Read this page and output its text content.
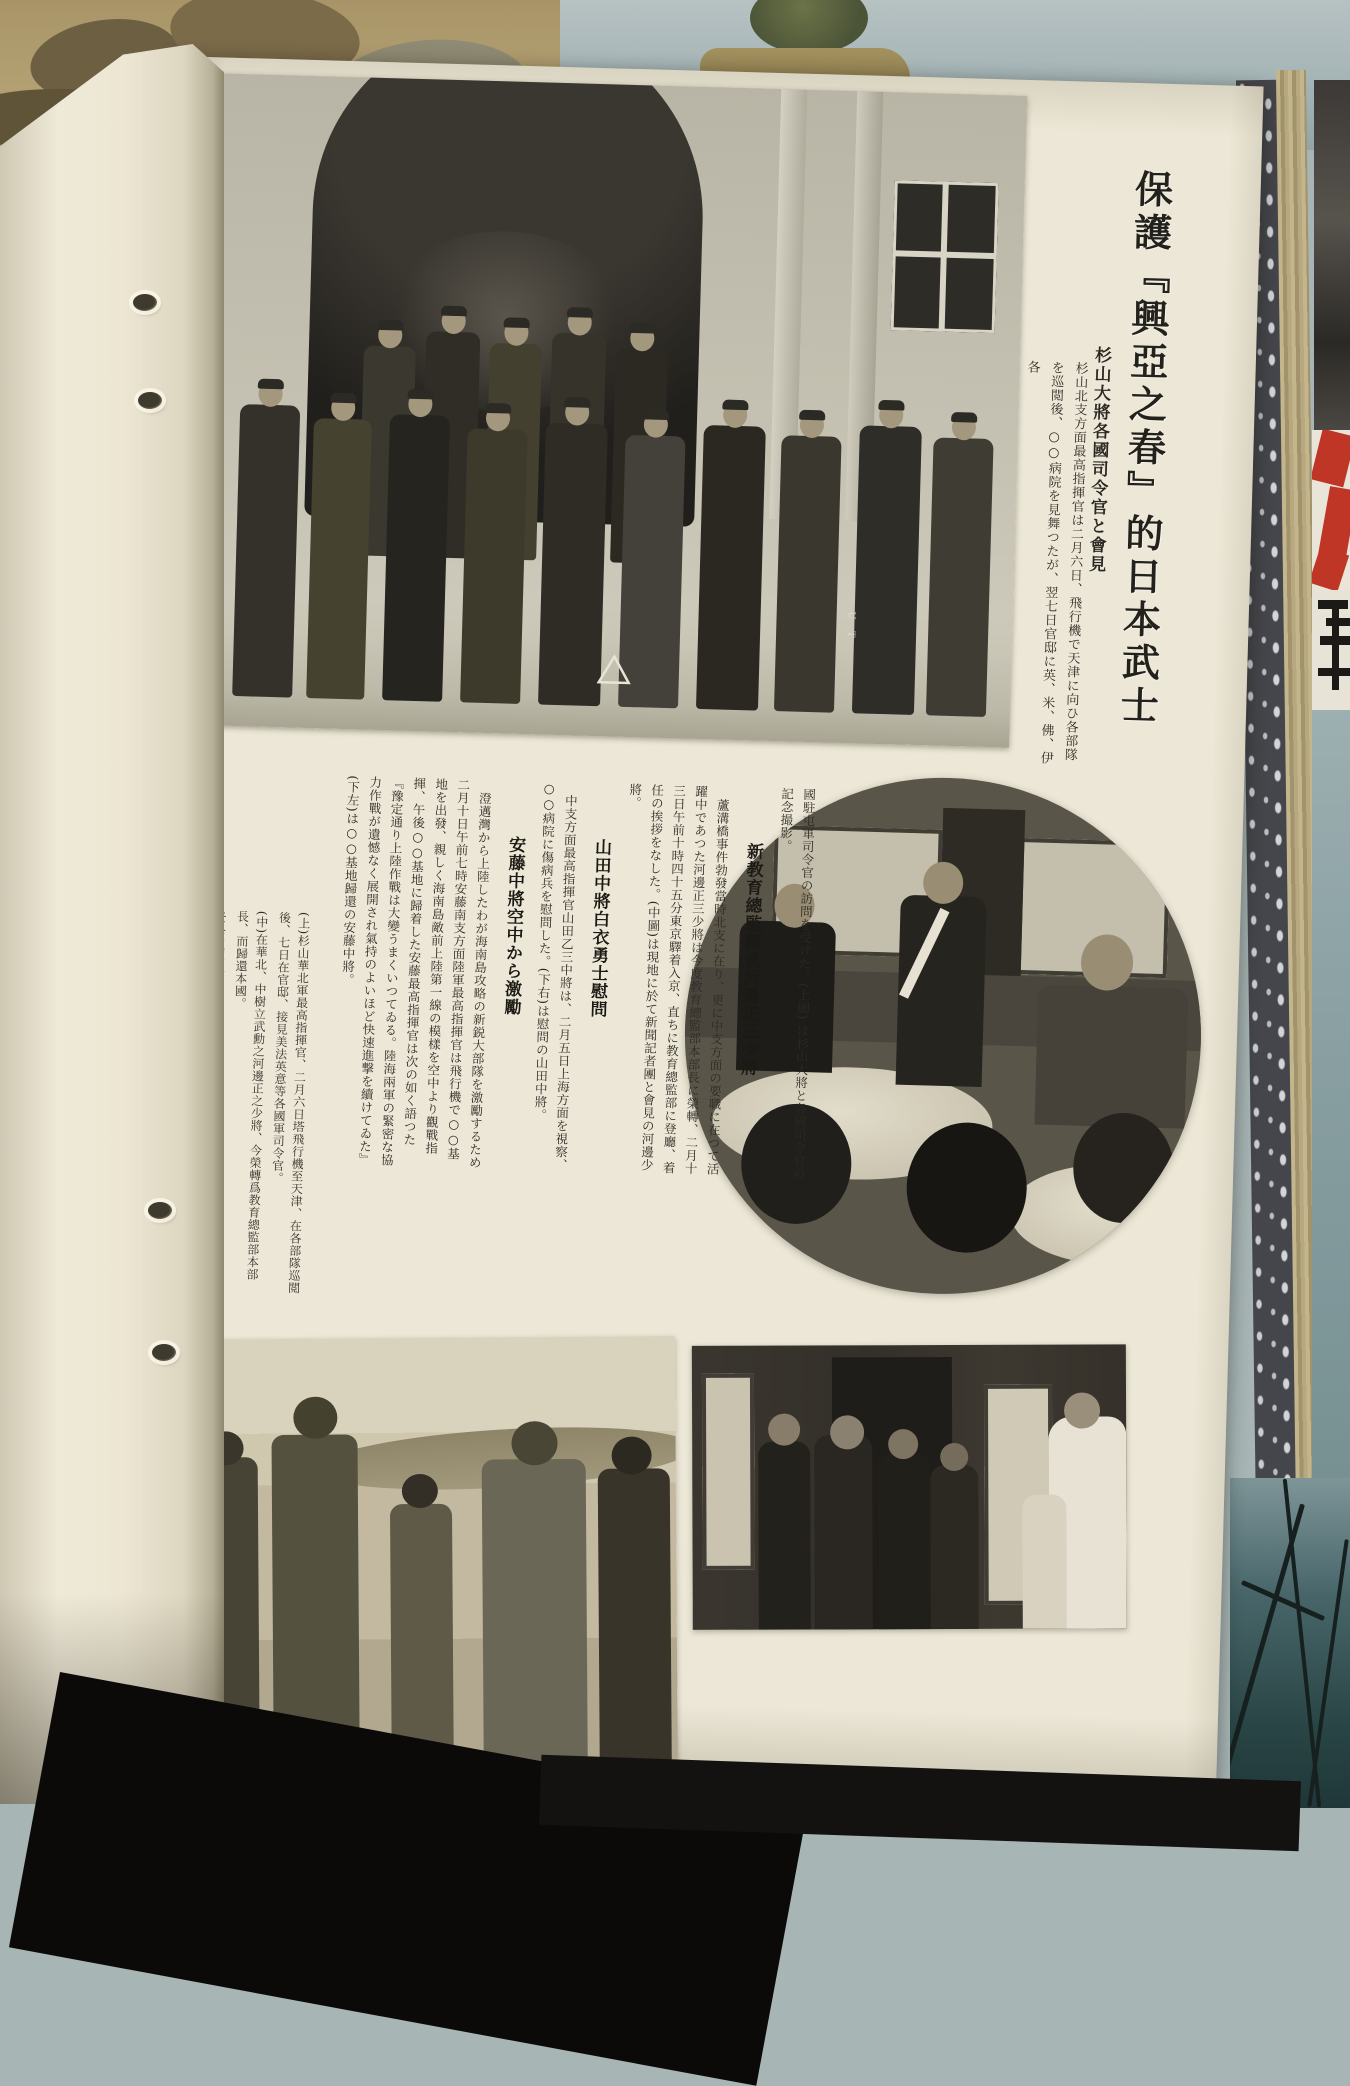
U T	保護『興亞之春』的日本武士
杉山大將各國司令官と會見

杉山北支方面最高指揮官は二月六日、飛行機で天津に向ひ各部隊を巡閲後、○○病院を見舞つたが、翌七日官邸に英、米、佛、伊各

國駐屯軍司令官の訪問を受けた。(上圖) は杉山大將と各國司令官の記念撮影。

新教育總監部長河邊正三少將

蘆溝橋事件勃發當時北支に在り、更に中支方面の要職に在つて活躍中であつた河邊正三少將は今度教育總監部本部長に榮轉、二月十三日午前十時四十五分東京驛着入京、直ちに教育總監部に登廳、着任の挨拶をなした。(中圖)は現地に於て新聞記者團と會見の河邊少將。

山田中將白衣勇士慰問

中支方面最高指揮官山田乙三中將は、二月五日上海方面を視察、○○病院に傷病兵を慰問した。(下右)は慰問の山田中將。

安藤中將空中から激勵

澄邁灣から上陸したわが海南島攻略の新鋭大部隊を激勵するため二月十日午前七時安藤南支方面陸軍最高指揮官は飛行機で○○基地を出發、親しく海南島敵前上陸第一線の模樣を空中より觀戰指揮、午後○○基地に歸着した安藤最高指揮官は次の如く語つた『豫定通り上陸作戰は大變うまくいつてゐる。陸海兩軍の緊密な協力作戰が遺憾なく展開され氣持のよいほど快速進撃を續けてゐた』(下左)は○○基地歸還の安藤中將。

(上)杉山華北軍最高指揮官、二月六日塔飛行機至天津、在各部隊巡閲後、七日在官邸、接見美法英意等各國軍司令官。

(中)在華北、中樹立武勳之河邊正之少將、今榮轉爲教育總監部本部長、而歸還本國。
